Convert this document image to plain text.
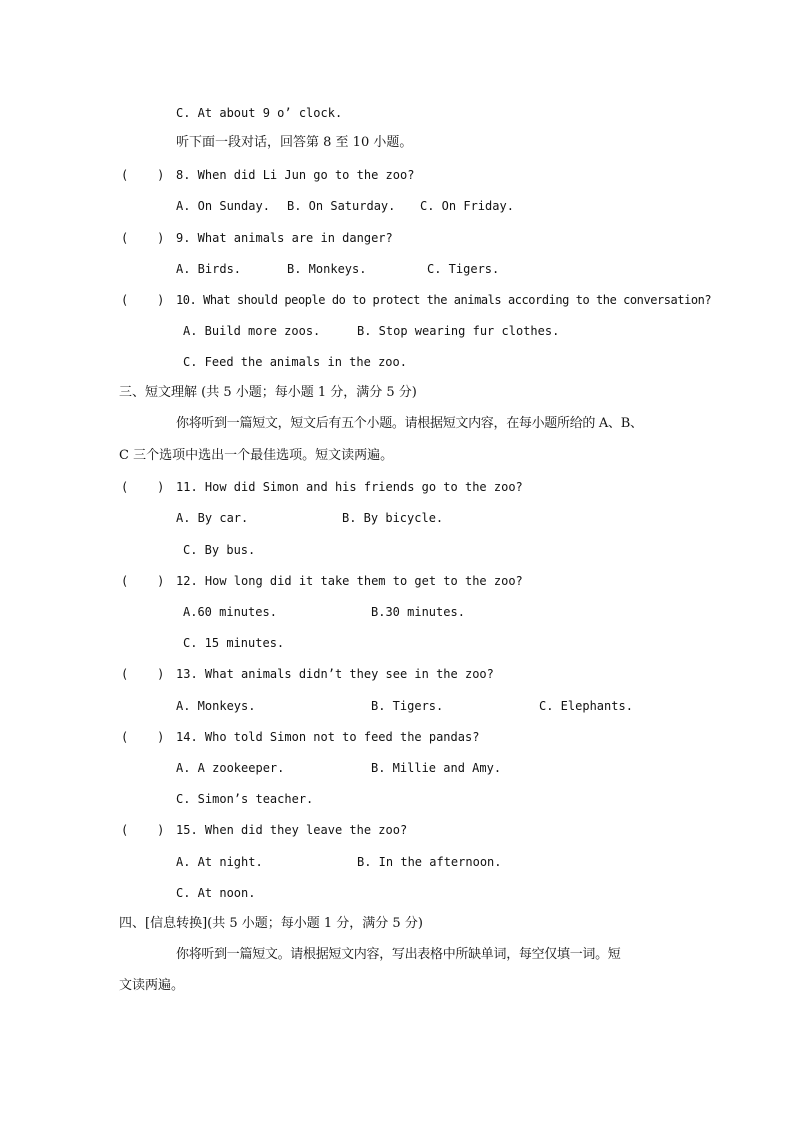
C. At about 9 o’ clock.
听下面一段对话，回答第 8 至 10 小题。
(    ) 8. When did Li Jun go to the zoo?
A. On Sunday. B. On Saturday. C. On Friday.
(    ) 9. What animals are in danger?
A. Birds.	B. Monkeys.	C. Tigers.
(    ) 10. What should people do to protect the animals according to the conversation?
A. Build more zoos.	B. Stop wearing fur clothes.
C. Feed the animals in the zoo.
三、短文理解 (共 5 小题；每小题 1 分，满分 5 分)
你将听到一篇短文，短文后有五个小题。请根据短文内容，在每小题所给的 A、B、
C 三个选项中选出一个最佳选项。短文读两遍。
(    ) 11. How did Simon and his friends go to the zoo?
A. By car.	B. By bicycle.
C. By bus.
(    ) 12. How long did it take them to get to the zoo?
A.60 minutes.	B.30 minutes.
C. 15 minutes.
(    ) 13. What animals didn’t they see in the zoo?
A. Monkeys.	B. Tigers.	C. Elephants.
(    ) 14. Who told Simon not to feed the pandas?
A. A zookeeper.	B. Millie and Amy.
C. Simon’s teacher.
(    ) 15. When did they leave the zoo?
A. At night.	B. In the afternoon.
C. At noon.
四、[信息转换](共 5 小题；每小题 1 分，满分 5 分)
你将听到一篇短文。请根据短文内容，写出表格中所缺单词，每空仅填一词。短
文读两遍。
